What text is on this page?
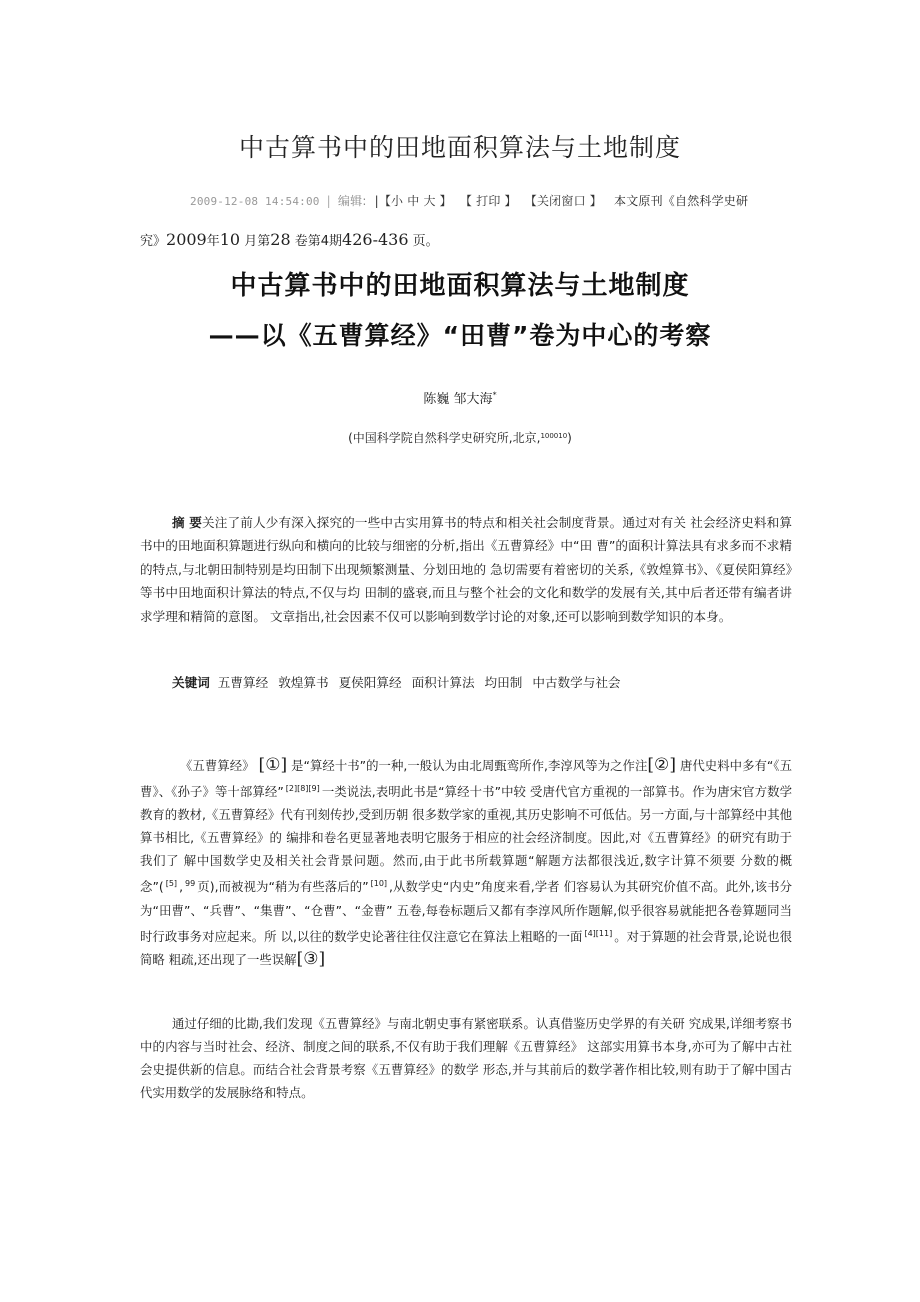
中古算书中的田地面积算法与土地制度
2009-12-08 14:54:00 | 编辑: |【小 中 大 】 【 打印 】 【关闭窗口 】 本文原刊《自然科学史研
究》2009年10 月第28 卷第4期426-436 页。
中古算书中的田地面积算法与土地制度
——以《五曹算经》“田曹”卷为中心的考察
陈巍 邹大海*
(中国科学院自然科学史研究所,北京,$^{100010}$)

摘 要关注了前人少有深入探究的一些中古实用算书的特点和相关社会制度背景。通过对有关 社会经济史料和算书中的田地面积算题进行纵向和横向的比较与细密的分析,指出《五曹算经》中“田 曹”的面积计算法具有求多而不求精的特点,与北朝田制特别是均田制下出现频繁测量、分划田地的 急切需要有着密切的关系,《敦煌算书》、《夏侯阳算经》等书中田地面积计算法的特点,不仅与均 田制的盛衰,而且与整个社会的文化和数学的发展有关,其中后者还带有编者讲求学理和精简的意图。 文章指出,社会因素不仅可以影响到数学讨论的对象,还可以影响到数学知识的本身。

关键词 五曹算经 敦煌算书 夏侯阳算经 面积计算法 均田制 中古数学与社会

《五曹算经》 [①] 是“算经十书”的一种,一般认为由北周甄鸾所作,李淳风等为之作注[②] 唐代史料中多有“《五曹》、《孙子》等十部算经” [2][8][9] 一类说法,表明此书是“算经十书”中较 受唐代官方重视的一部算书。作为唐宋官方数学教育的教材,《五曹算经》代有刊刻传抄,受到历朝 很多数学家的重视,其历史影响不可低估。另一方面,与十部算经中其他算书相比,《五曹算经》的 编排和卷名更显著地表明它服务于相应的社会经济制度。因此,对《五曹算经》的研究有助于我们了 解中国数学史及相关社会背景问题。然而,由于此书所载算题“解题方法都很浅近,数字计算不须要 分数的概念”( [5] , $^{99}$ 页),而被视为“稍为有些落后的” [10] ,从数学史“内史”角度来看,学者 们容易认为其研究价值不高。此外,该书分为“田曹”、“兵曹”、“集曹”、“仓曹”、“金曹” 五卷,每卷标题后又都有李淳风所作题解,似乎很容易就能把各卷算题同当时行政事务对应起来。所 以,以往的数学史论著往往仅注意它在算法上粗略的一面 [4][11] 。对于算题的社会背景,论说也很简略 粗疏,还出现了一些误解[③]

通过仔细的比勘,我们发现《五曹算经》与南北朝史事有紧密联系。认真借鉴历史学界的有关研 究成果,详细考察书中的内容与当时社会、经济、制度之间的联系,不仅有助于我们理解《五曹算经》 这部实用算书本身,亦可为了解中古社会史提供新的信息。而结合社会背景考察《五曹算经》的数学 形态,并与其前后的数学著作相比较,则有助于了解中国古代实用数学的发展脉络和特点。
